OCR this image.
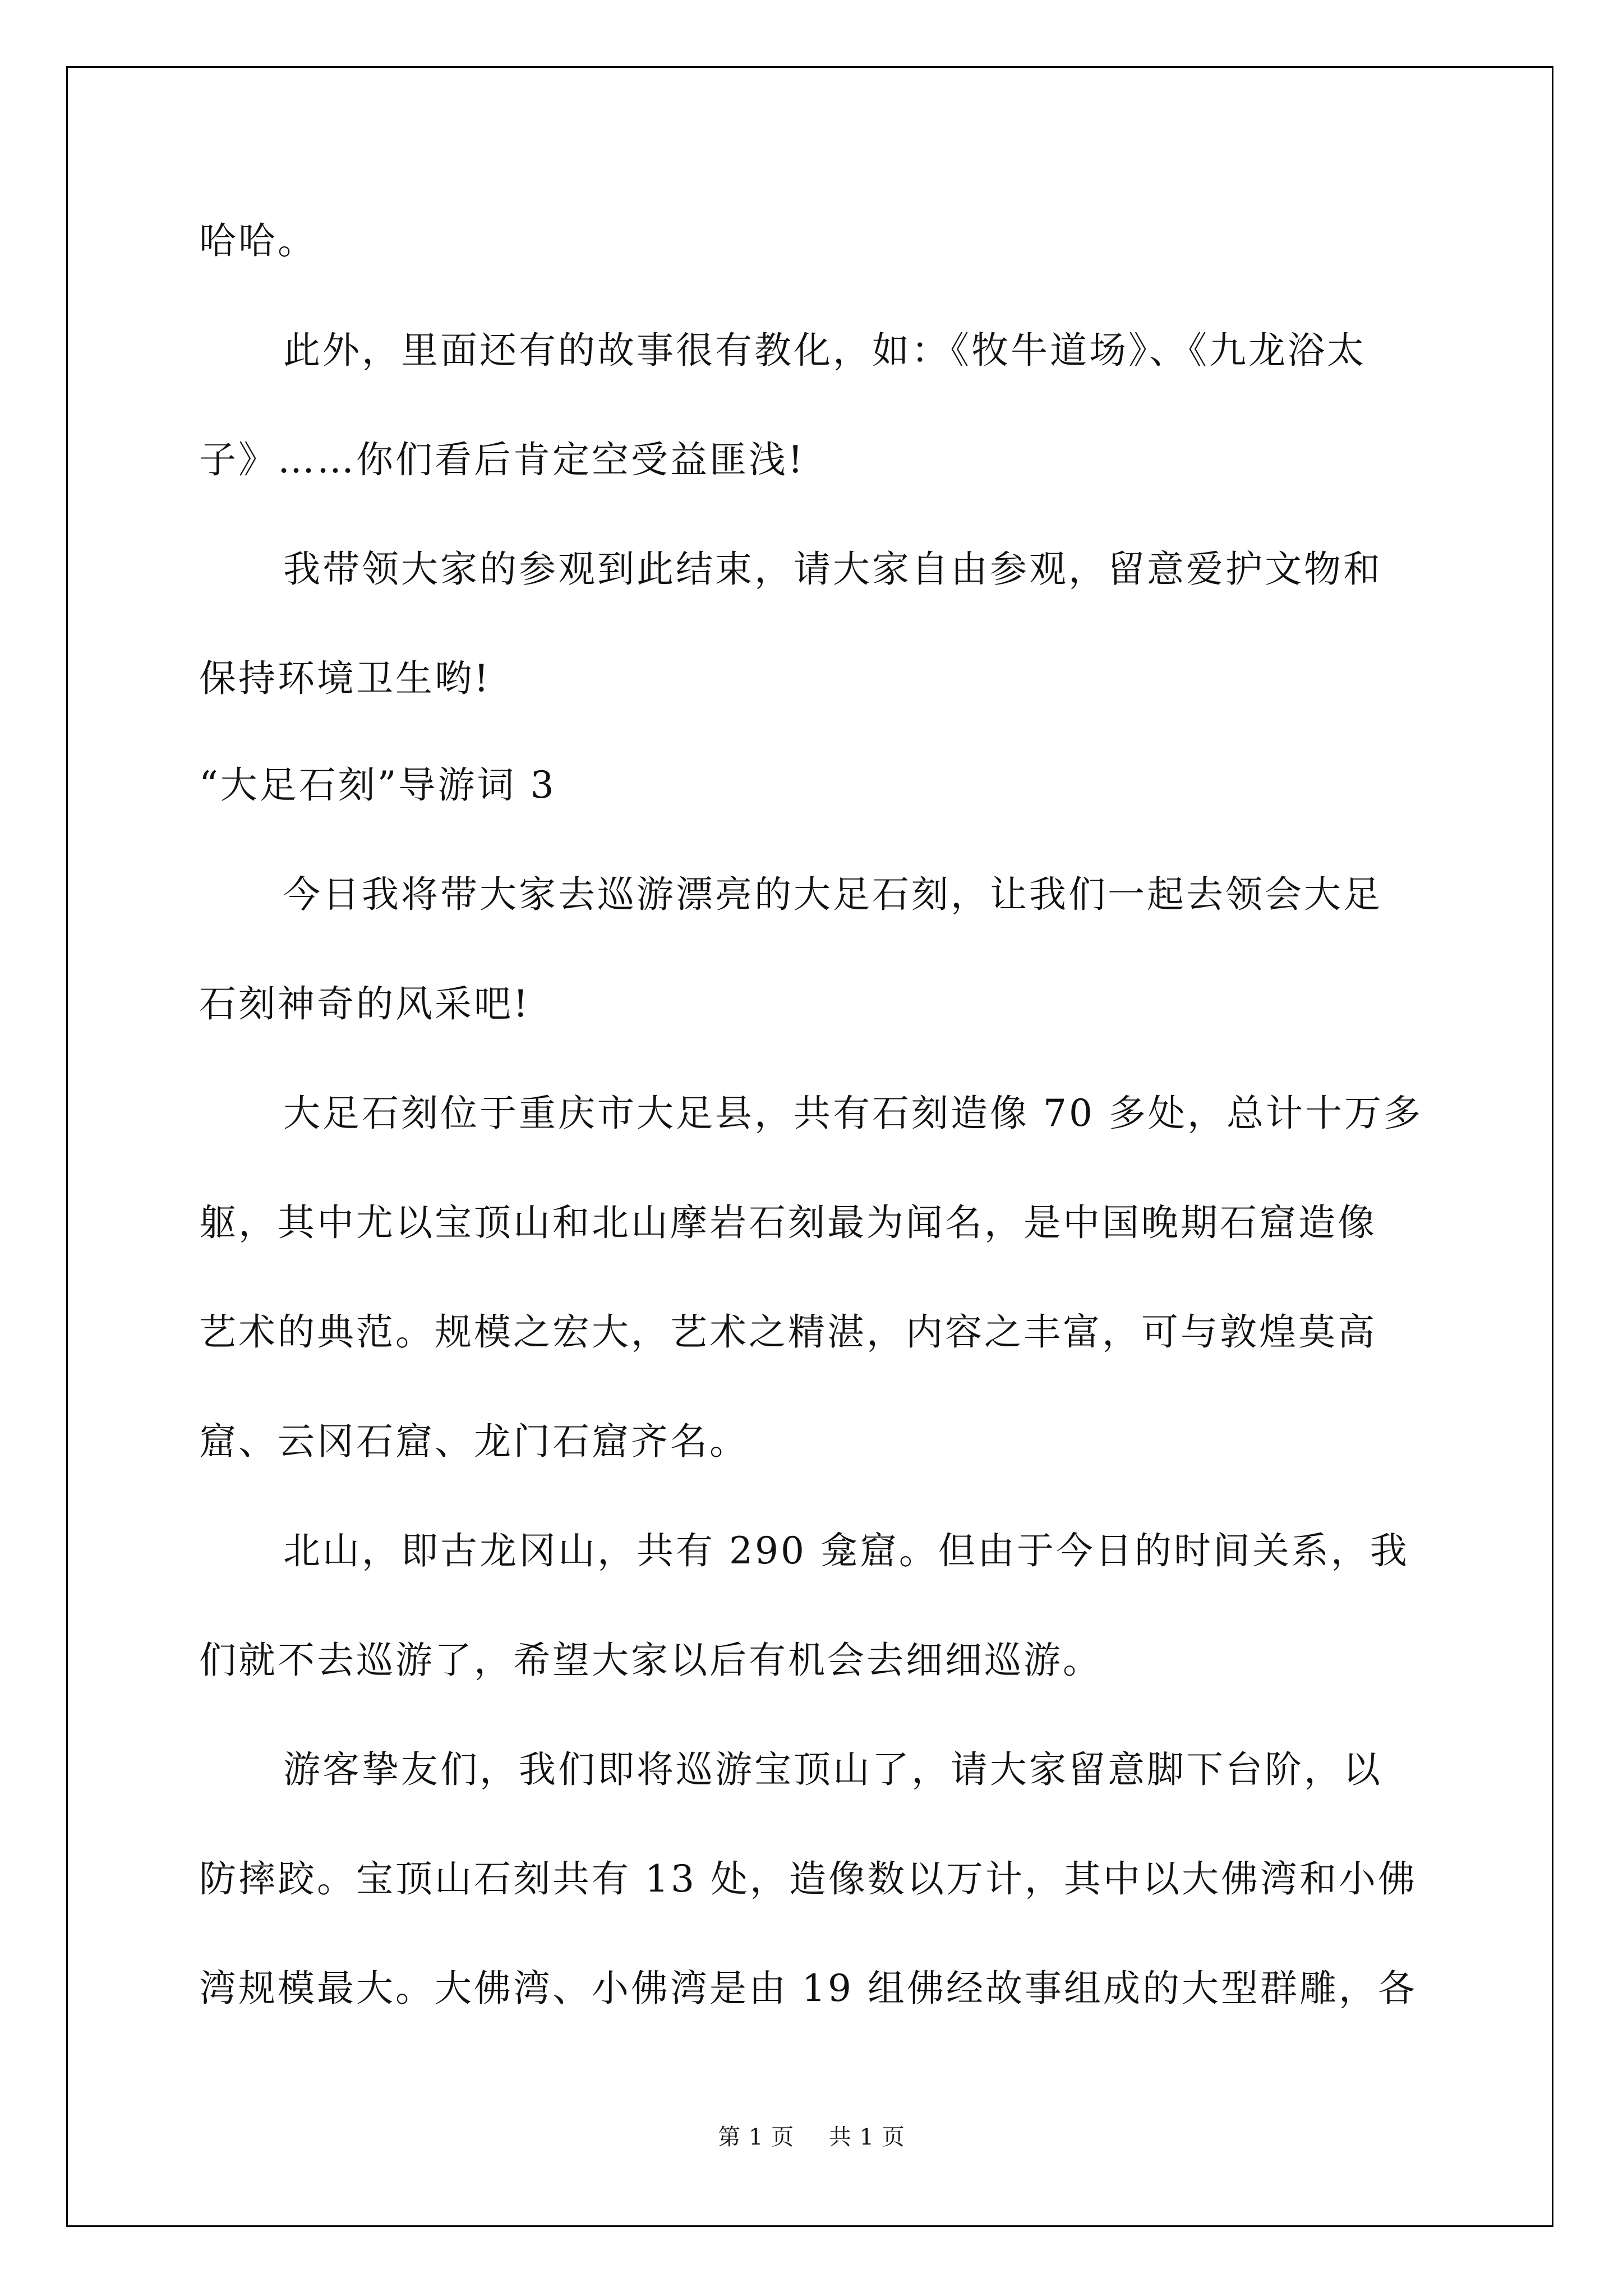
哈哈。
此外，里面还有的故事很有教化，如：《牧牛道场》、《九龙浴太
子》……你们看后肯定空受益匪浅!
我带领大家的参观到此结束，请大家自由参观，留意爱护文物和
保持环境卫生哟!
“大足石刻”导游词 3
今日我将带大家去巡游漂亮的大足石刻，让我们一起去领会大足
石刻神奇的风采吧!
大足石刻位于重庆市大足县，共有石刻造像 70 多处，总计十万多
躯，其中尤以宝顶山和北山摩岩石刻最为闻名，是中国晚期石窟造像
艺术的典范。规模之宏大，艺术之精湛，内容之丰富，可与敦煌莫高
窟、云冈石窟、龙门石窟齐名。
北山，即古龙冈山，共有 290 龛窟。但由于今日的时间关系，我
们就不去巡游了，希望大家以后有机会去细细巡游。
游客挚友们，我们即将巡游宝顶山了，请大家留意脚下台阶，以
防摔跤。宝顶山石刻共有 13 处，造像数以万计，其中以大佛湾和小佛
湾规模最大。大佛湾、小佛湾是由 19 组佛经故事组成的大型群雕，各
第 1 页 共 1 页
